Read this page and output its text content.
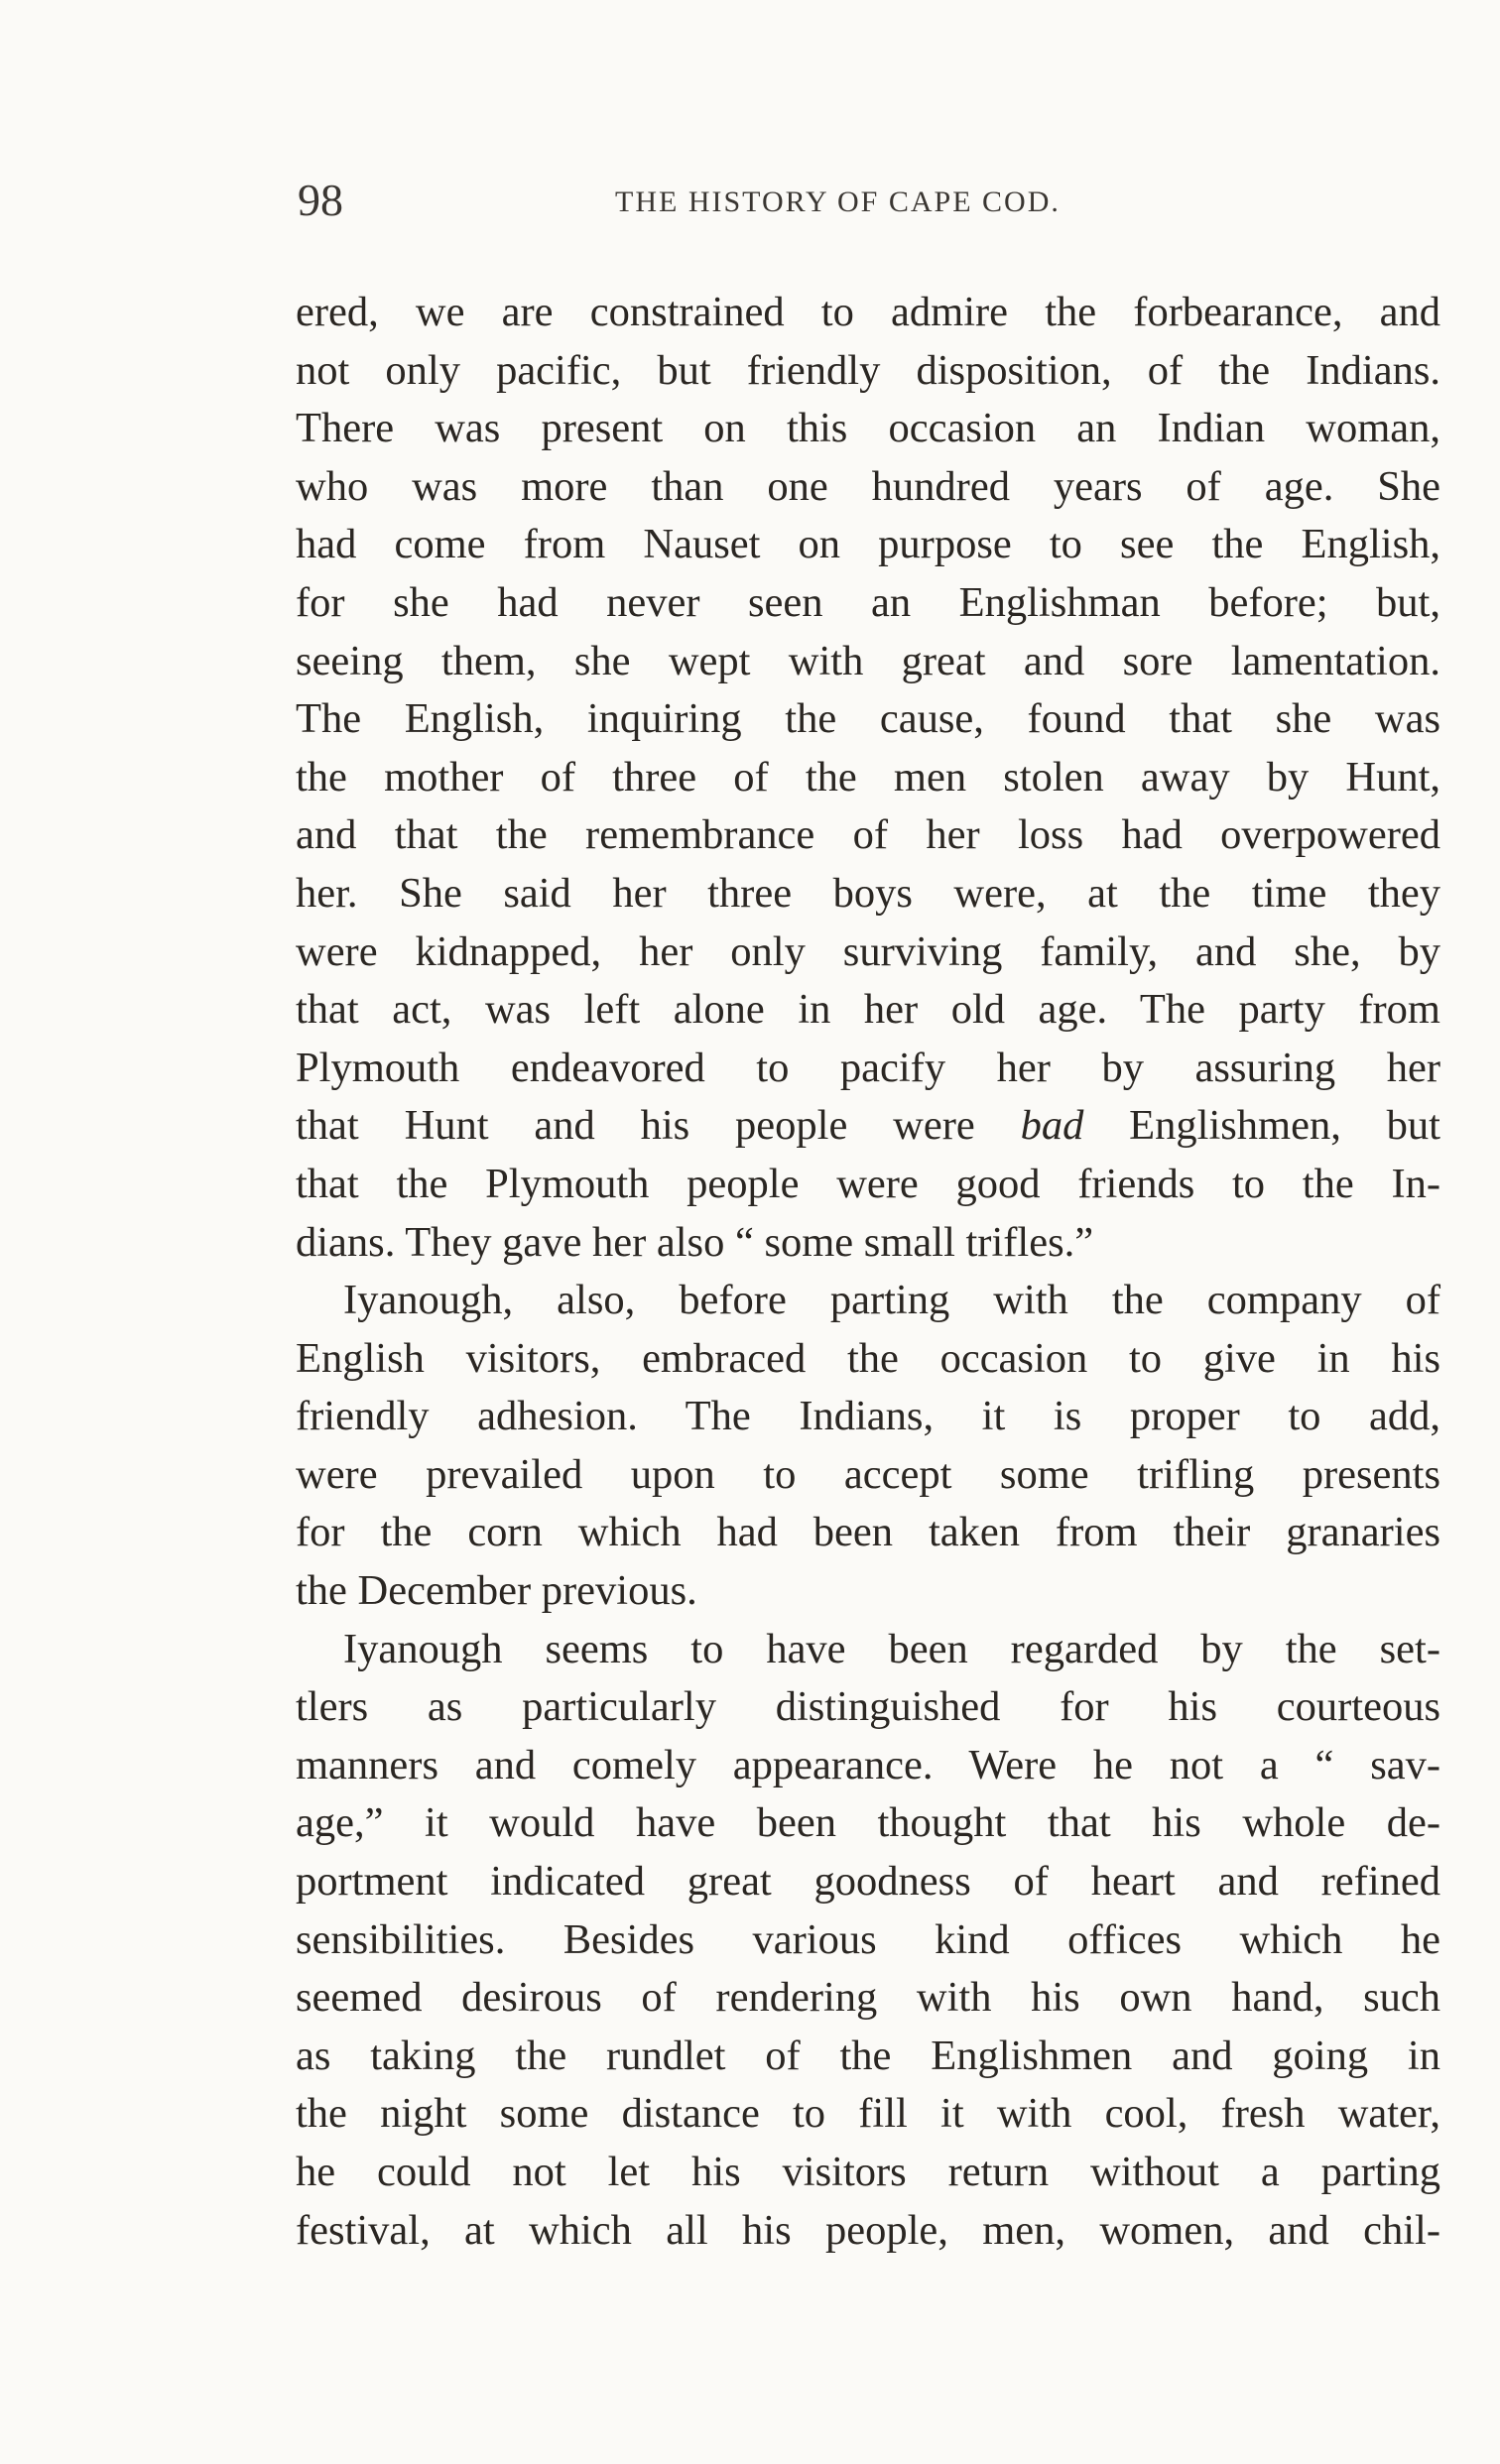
98	THE HISTORY OF CAPE COD.
ered, we are constrained to admire the forbearance, and
not only pacific, but friendly disposition, of the Indians.
There was present on this occasion an Indian woman,
who was more than one hundred years of age. She
had come from Nauset on purpose to see the English,
for she had never seen an Englishman before; but,
seeing them, she wept with great and sore lamentation.
The English, inquiring the cause, found that she was
the mother of three of the men stolen away by Hunt,
and that the remembrance of her loss had overpowered
her. She said her three boys were, at the time they
were kidnapped, her only surviving family, and she, by
that act, was left alone in her old age. The party from
Plymouth endeavored to pacify her by assuring her
that Hunt and his people were bad Englishmen, but
that the Plymouth people were good friends to the In-
dians. They gave her also “ some small trifles.”
Iyanough, also, before parting with the company of
English visitors, embraced the occasion to give in his
friendly adhesion. The Indians, it is proper to add,
were prevailed upon to accept some trifling presents
for the corn which had been taken from their granaries
the December previous.
Iyanough seems to have been regarded by the set-
tlers as particularly distinguished for his courteous
manners and comely appearance. Were he not a “ sav-
age,” it would have been thought that his whole de-
portment indicated great goodness of heart and refined
sensibilities. Besides various kind offices which he
seemed desirous of rendering with his own hand, such
as taking the rundlet of the Englishmen and going in
the night some distance to fill it with cool, fresh water,
he could not let his visitors return without a parting
festival, at which all his people, men, women, and chil-
